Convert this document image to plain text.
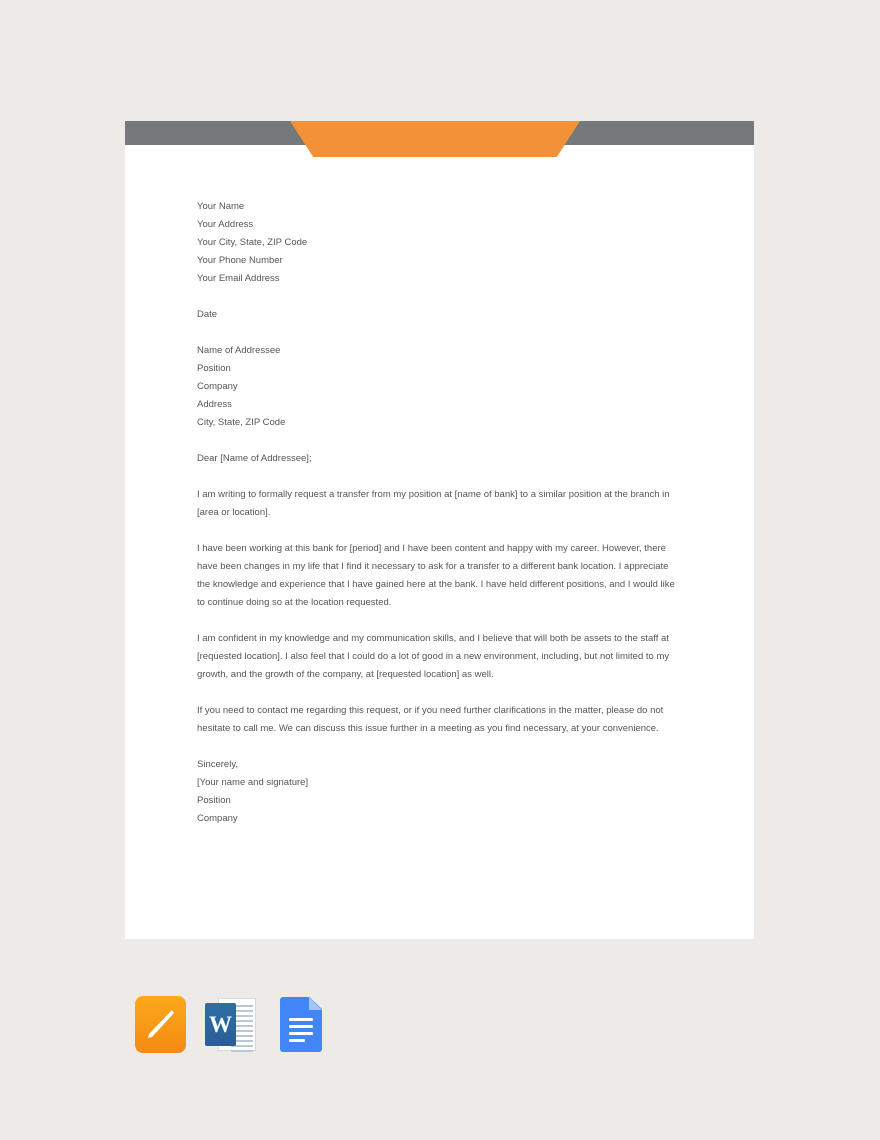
Your Name
Your Address
Your City, State, ZIP Code
Your Phone Number
Your Email Address
Date
Name of Addressee
Position
Company
Address
City, State, ZIP Code
Dear [Name of Addressee];

I am writing to formally request a transfer from my position at [name of bank] to a similar position at the branch in [area or location].

I have been working at this bank for [period] and I have been content and happy with my career. However, there have been changes in my life that I find it necessary to ask for a transfer to a different bank location. I appreciate the knowledge and experience that I have gained here at the bank. I have held different positions, and I would like to continue doing so at the location requested.

I am confident in my knowledge and my communication skills, and I believe that will both be assets to the staff at [requested location]. I also feel that I could do a lot of good in a new environment, including, but not limited to my growth, and the growth of the company, at [requested location] as well.

If you need to contact me regarding this request, or if you need further clarifications in the matter, please do not hesitate to call me. We can discuss this issue further in a meeting as you find necessary, at your convenience.

Sincerely,
[Your name and signature]
Position
Company
W
